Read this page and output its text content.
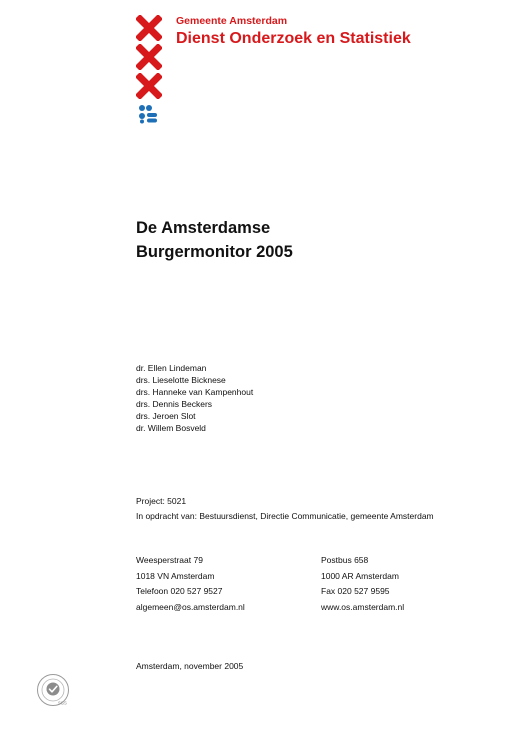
Gemeente Amsterdam
Dienst Onderzoek en Statistiek
De Amsterdamse
Burgermonitor 2005
dr. Ellen Lindeman
drs. Lieselotte Bicknese
drs. Hanneke van Kampenhout
drs. Dennis Beckers
drs. Jeroen Slot
dr. Willem Bosveld
Project: 5021
In opdracht van: Bestuursdienst, Directie Communicatie, gemeente Amsterdam
Weesperstraat 79
1018 VN Amsterdam
Telefoon 020 527 9527
algemeen@os.amsterdam.nl
Postbus 658
1000 AR Amsterdam
Fax 020 527 9595
www.os.amsterdam.nl
Amsterdam, november 2005
SGS
